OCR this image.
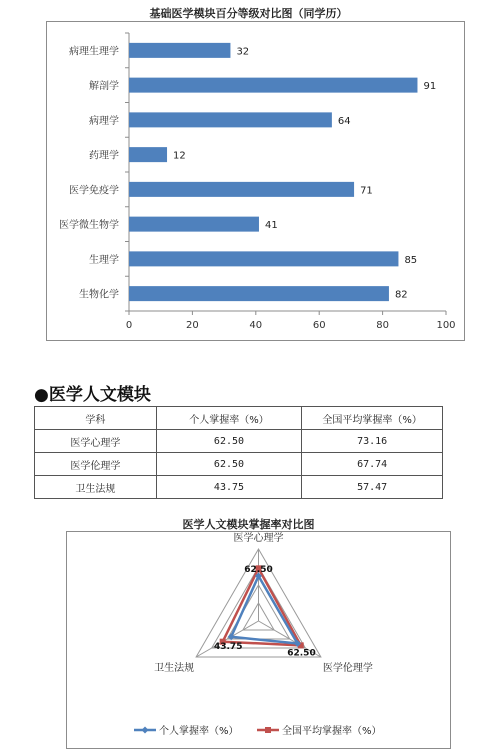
基础医学模块百分等级对比图（同学历）
0	20	40	60	80	100
病理生理学	32
解剖学	91
病理学	64
药理学	12
医学免疫学	71
医学微生物学	41
生理学	85
生物化学	82
●医学人文模块
学科	个人掌握率（%）	全国平均掌握率（%）
医学心理学	62.50	73.16
医学伦理学	62.50	67.74
卫生法规	43.75	57.47
医学人文模块掌握率对比图
62.50
62.50
43.75
医学心理学
医学伦理学
卫生法规
个人掌握率（%）	全国平均掌握率（%）
